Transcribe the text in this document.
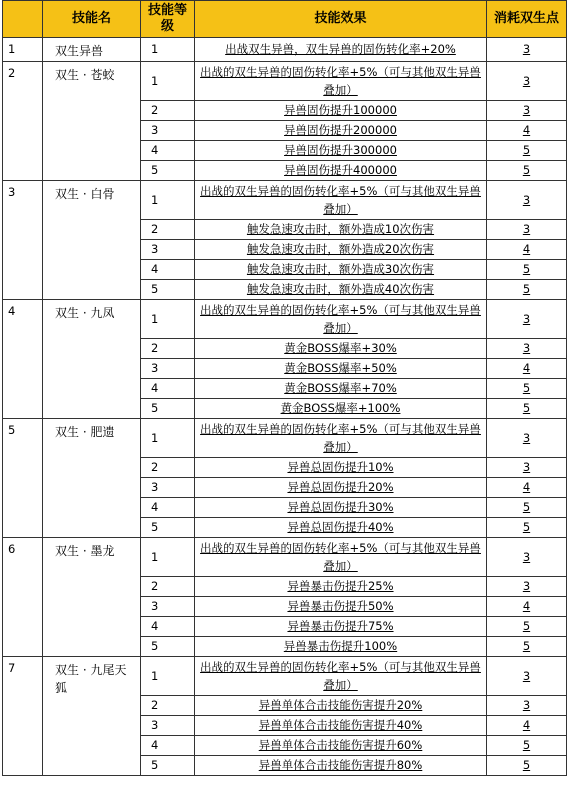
	技能名	技能等级	技能效果	消耗双生点
1	双生异兽	1	出战双生异兽，双生异兽的固伤转化率+20%	3
2	双生 · 苍蛟	1	出战的双生异兽的固伤转化率+5%（可与其他双生异兽叠加）	3
		2	异兽固伤提升100000	3
		3	异兽固伤提升200000	4
		4	异兽固伤提升300000	5
		5	异兽固伤提升400000	5
3	双生 · 白骨	1	出战的双生异兽的固伤转化率+5%（可与其他双生异兽叠加）	3
		2	触发急速攻击时，额外造成10次伤害	3
		3	触发急速攻击时，额外造成20次伤害	4
		4	触发急速攻击时，额外造成30次伤害	5
		5	触发急速攻击时，额外造成40次伤害	5
4	双生 · 九凤	1	出战的双生异兽的固伤转化率+5%（可与其他双生异兽叠加）	3
		2	黄金BOSS爆率+30%	3
		3	黄金BOSS爆率+50%	4
		4	黄金BOSS爆率+70%	5
		5	黄金BOSS爆率+100%	5
5	双生 · 肥遗	1	出战的双生异兽的固伤转化率+5%（可与其他双生异兽叠加）	3
		2	异兽总固伤提升10%	3
		3	异兽总固伤提升20%	4
		4	异兽总固伤提升30%	5
		5	异兽总固伤提升40%	5
6	双生 · 墨龙	1	出战的双生异兽的固伤转化率+5%（可与其他双生异兽叠加）	3
		2	异兽暴击伤提升25%	3
		3	异兽暴击伤提升50%	4
		4	异兽暴击伤提升75%	5
		5	异兽暴击伤提升100%	5
7	双生 · 九尾天狐	1	出战的双生异兽的固伤转化率+5%（可与其他双生异兽叠加）	3
		2	异兽单体合击技能伤害提升20%	3
		3	异兽单体合击技能伤害提升40%	4
		4	异兽单体合击技能伤害提升60%	5
		5	异兽单体合击技能伤害提升80%	5
